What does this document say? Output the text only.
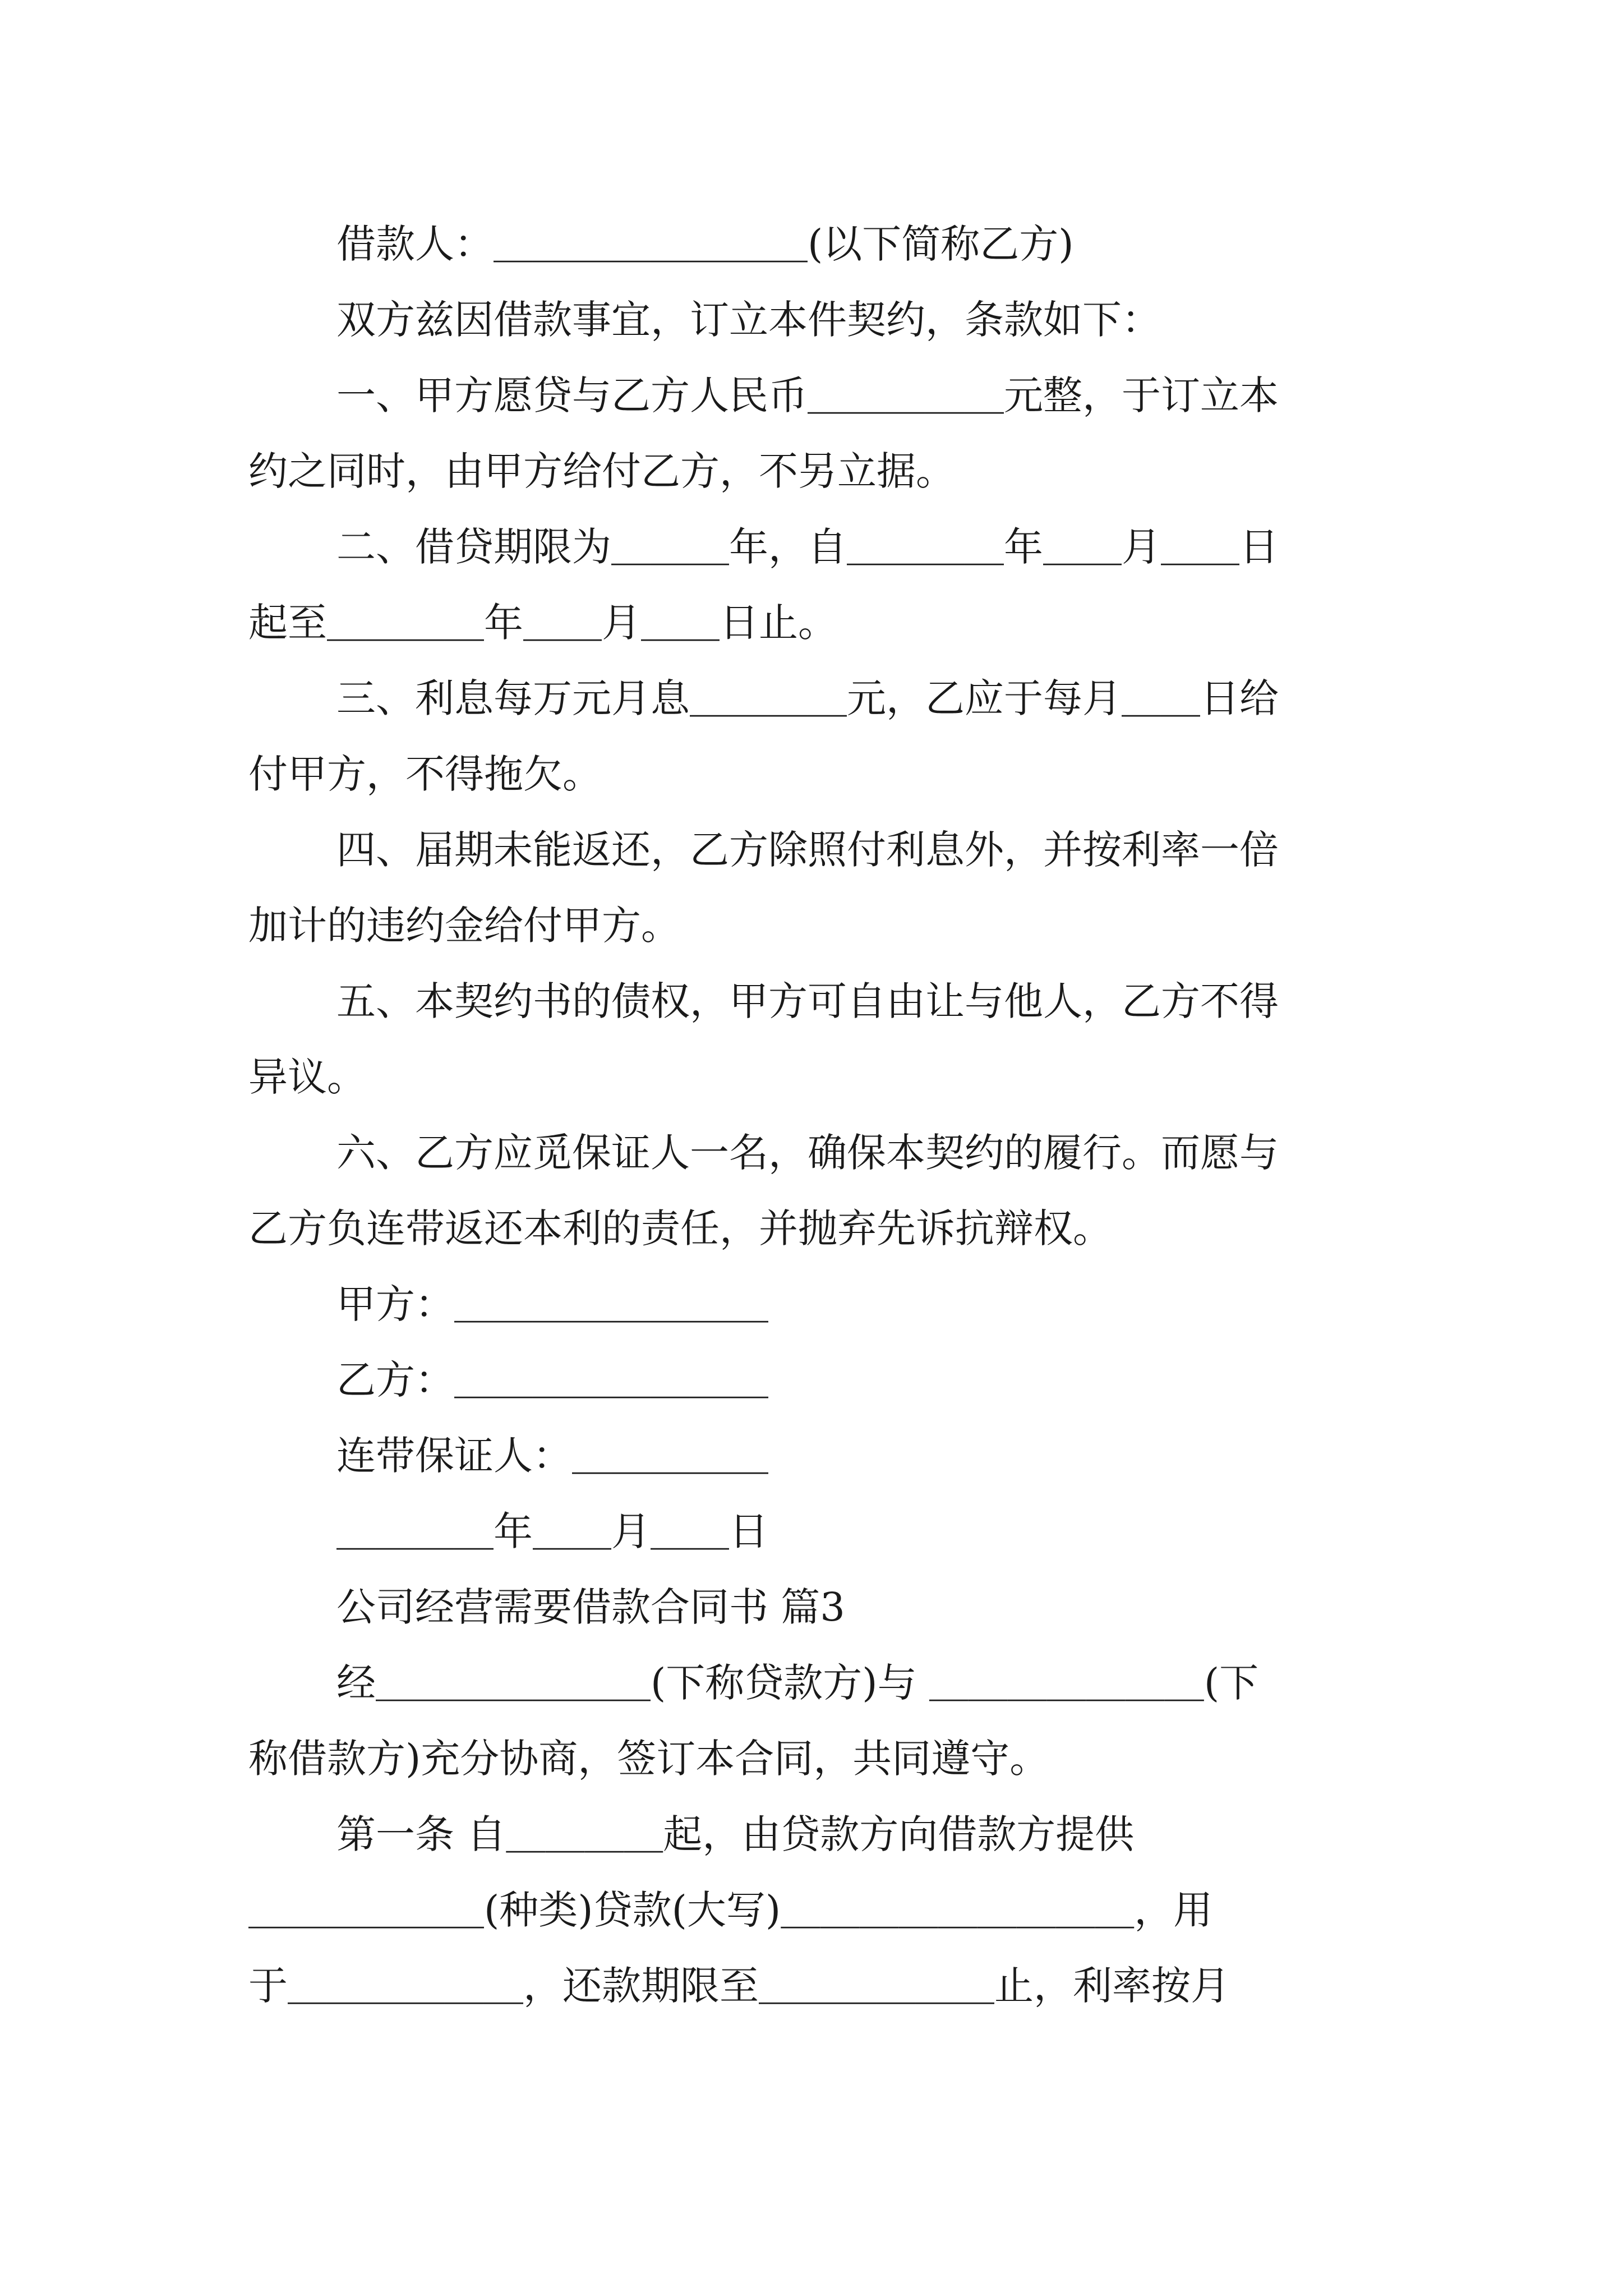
借款人：＿＿＿＿＿＿＿＿(以下简称乙方)
双方兹因借款事宜，订立本件契约，条款如下：
一、甲方愿贷与乙方人民币＿＿＿＿＿元整，于订立本
约之同时，由甲方给付乙方，不另立据。
二、借贷期限为＿＿＿年，自＿＿＿＿年＿＿月＿＿日
起至＿＿＿＿年＿＿月＿＿日止。
三、利息每万元月息＿＿＿＿元，乙应于每月＿＿日给
付甲方，不得拖欠。
四、届期未能返还，乙方除照付利息外，并按利率一倍
加计的违约金给付甲方。
五、本契约书的债权，甲方可自由让与他人，乙方不得
异议。
六、乙方应觅保证人一名，确保本契约的履行。而愿与
乙方负连带返还本利的责任，并抛弃先诉抗辩权。
甲方：＿＿＿＿＿＿＿＿
乙方：＿＿＿＿＿＿＿＿
连带保证人：＿＿＿＿＿
＿＿＿＿年＿＿月＿＿日
公司经营需要借款合同书 篇3
经＿＿＿＿＿＿＿(下称贷款方)与 ＿＿＿＿＿＿＿(下
称借款方)充分协商，签订本合同，共同遵守。
第一条 自＿＿＿＿起，由贷款方向借款方提供
＿＿＿＿＿＿(种类)贷款(大写)＿＿＿＿＿＿＿＿＿，用
于＿＿＿＿＿＿，还款期限至＿＿＿＿＿＿止，利率按月
